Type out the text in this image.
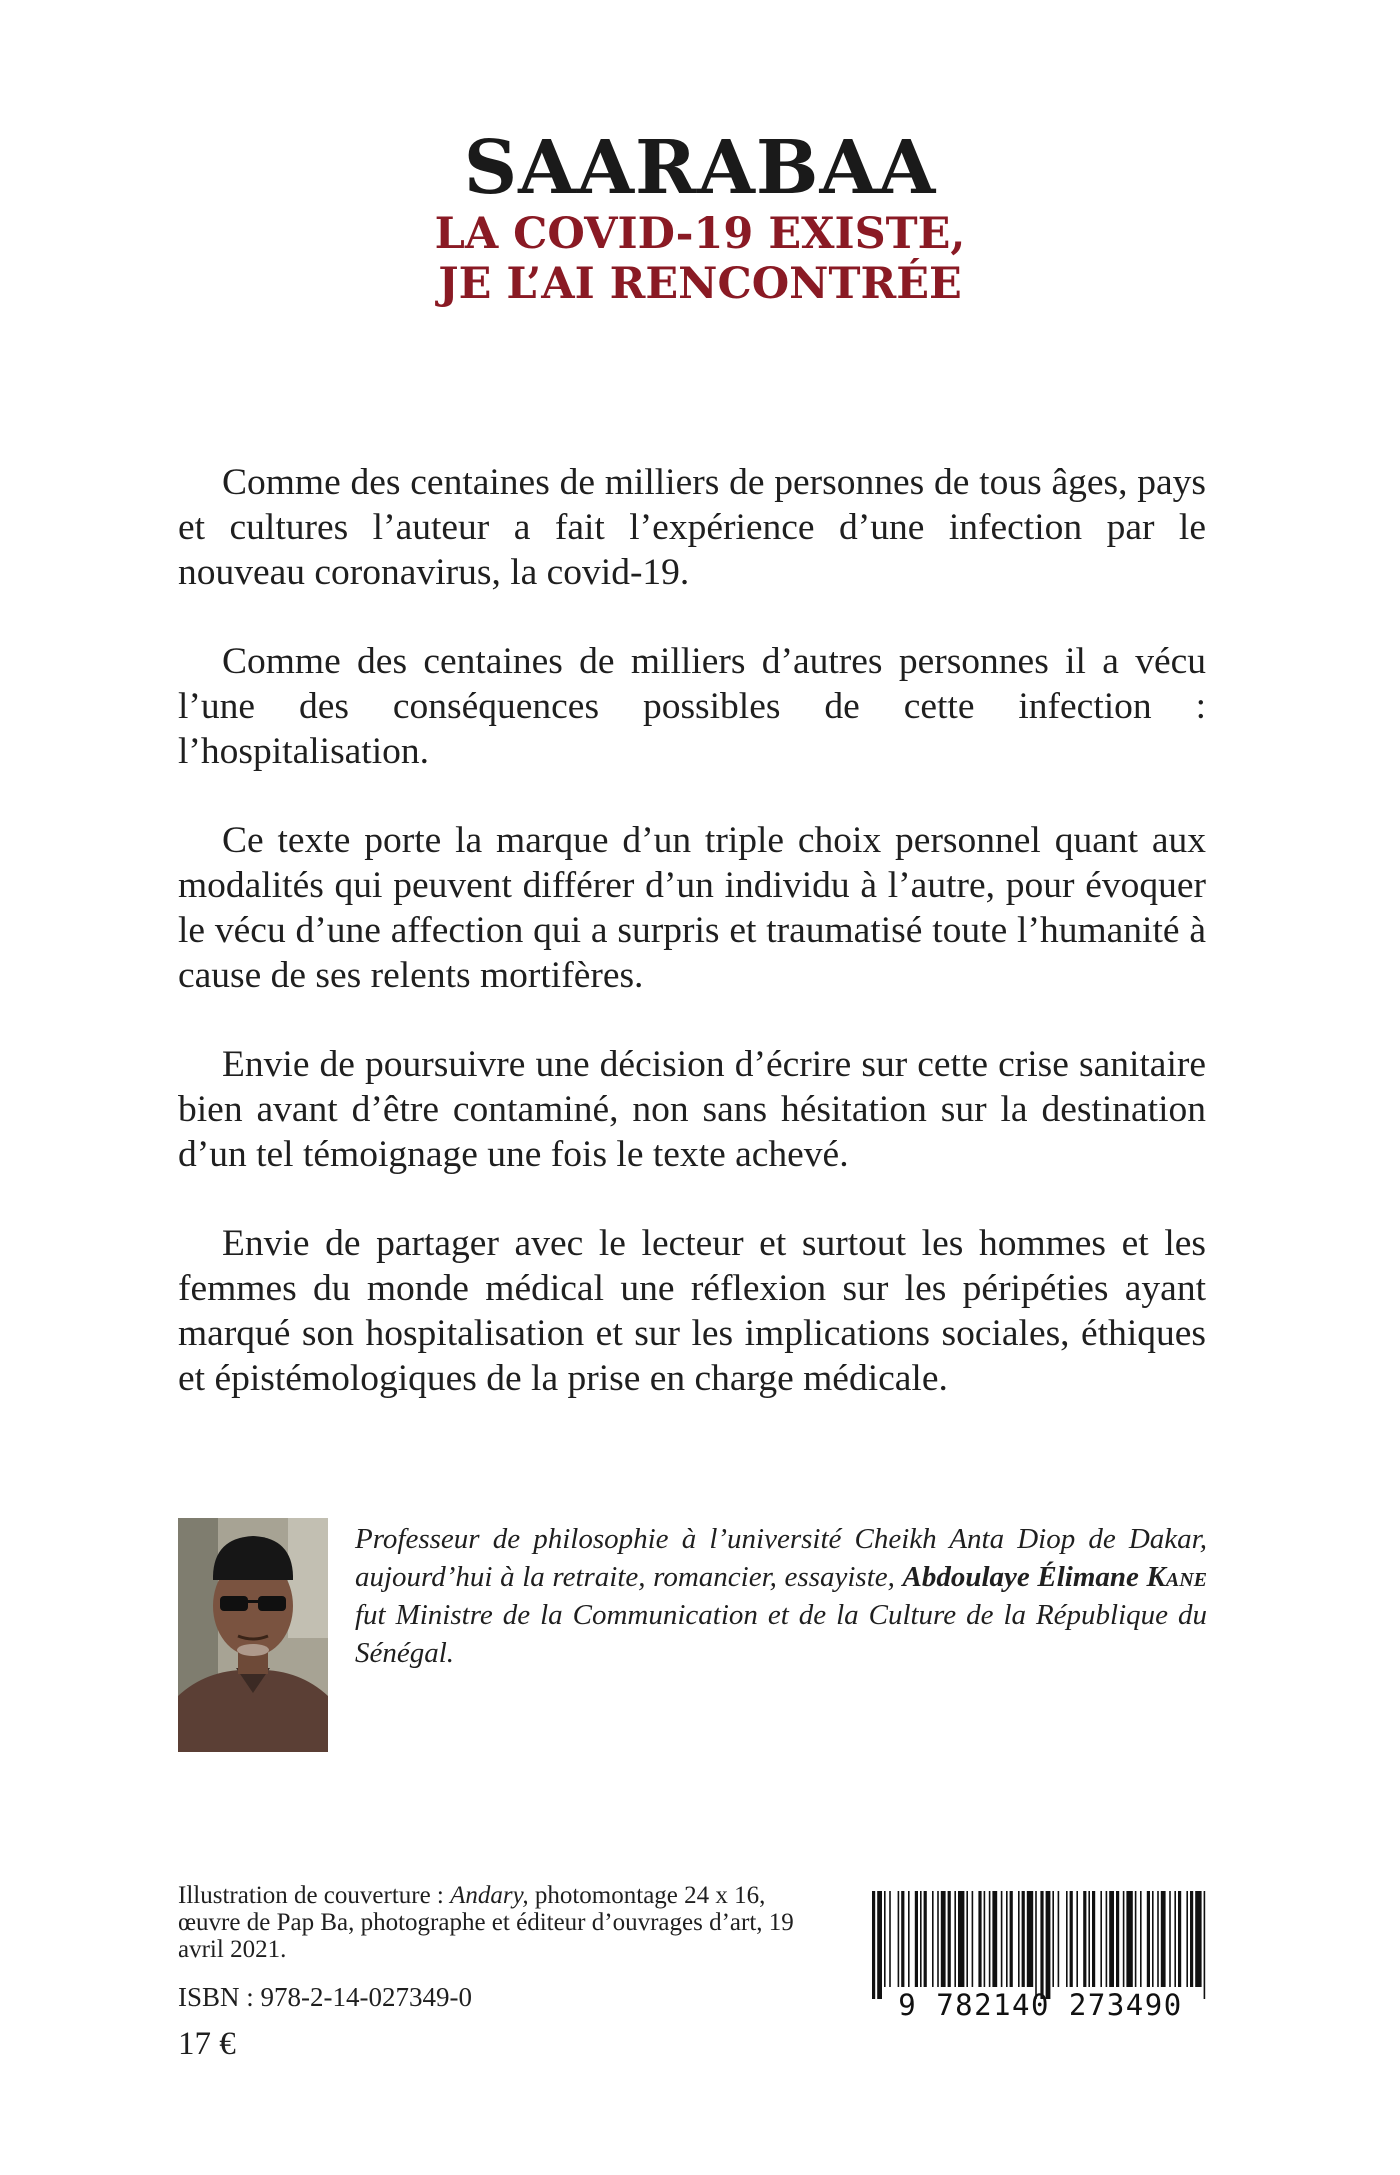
SAARABAA
LA COVID-19 EXISTE,
JE L’AI RENCONTRÉE

Comme des centaines de milliers de personnes de tous âges, pays et cultures l’auteur a fait l’expérience d’une infection par le nouveau coronavirus, la covid-19.

Comme des centaines de milliers d’autres personnes il a vécu l’une des conséquences possibles de cette infection : l’hospitalisation.

Ce texte porte la marque d’un triple choix personnel quant aux modalités qui peuvent différer d’un individu à l’autre, pour évoquer le vécu d’une affection qui a surpris et traumatisé toute l’humanité à cause de ses relents mortifères.

Envie de poursuivre une décision d’écrire sur cette crise sanitaire bien avant d’être contaminé, non sans hésitation sur la destination d’un tel témoignage une fois le texte achevé.

Envie de partager avec le lecteur et surtout les hommes et les femmes du monde médical une réflexion sur les péripéties ayant marqué son hospitalisation et sur les implications sociales, éthiques et épistémologiques de la prise en charge médicale.

Professeur de philosophie à l’université Cheikh Anta Diop de Dakar, aujourd’hui à la retraite, romancier, essayiste, Abdoulaye Élimane Kane fut Ministre de la Communication et de la Culture de la République du Sénégal.

Illustration de couverture : Andary, photomontage 24 x 16, œuvre de Pap Ba, photographe et éditeur d’ouvrages d’art, 19 avril 2021.

ISBN : 978-2-14-027349-0

17 €

9 782140 273490
